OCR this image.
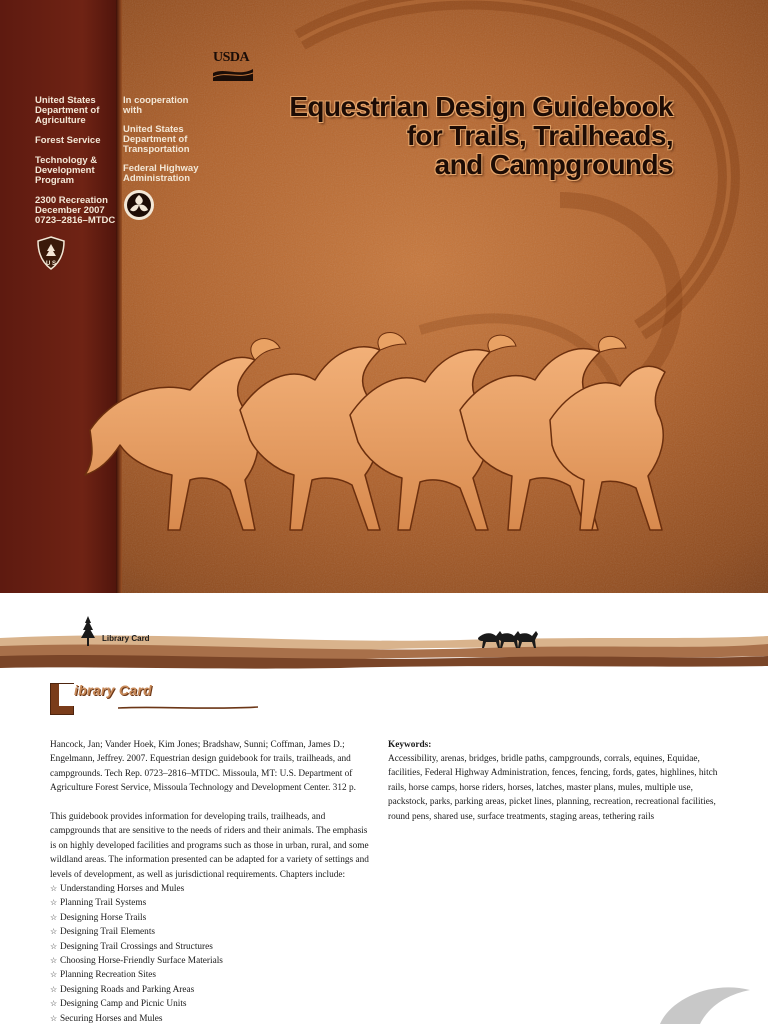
United States
Department of
Agriculture
Forest Service
Technology &
Development
Program
2300 Recreation
December 2007
0723–2816–MTDC
In cooperation
with
United States
Department of
Transportation
Federal Highway
Administration
U S
USDA
Equestrian Design Guidebook
for Trails, Trailheads,
and Campgrounds
Library Card
ibrary Card

Hancock, Jan; Vander Hoek, Kim Jones; Bradshaw, Sunni; Coffman, James D.; Engelmann, Jeffrey. 2007. Equestrian design guidebook for trails, trailheads, and campgrounds. Tech Rep. 0723–2816–MTDC. Missoula, MT: U.S. Department of Agriculture Forest Service, Missoula Technology and Development Center. 312 p.

This guidebook provides information for developing trails, trailheads, and campgrounds that are sensitive to the needs of riders and their animals. The emphasis is on highly developed facilities and programs such as those in urban, rural, and some wildland areas. The information presented can be adapted for a variety of settings and levels of development, as well as jurisdictional requirements. Chapters include:

☆ Understanding Horses and Mules
☆ Planning Trail Systems
☆ Designing Horse Trails
☆ Designing Trail Elements
☆ Designing Trail Crossings and Structures
☆ Choosing Horse-Friendly Surface Materials
☆ Planning Recreation Sites
☆ Designing Roads and Parking Areas
☆ Designing Camp and Picnic Units
☆ Securing Horses and Mules

Keywords:

Accessibility, arenas, bridges, bridle paths, campgrounds, corrals, equines, Equidae, facilities, Federal Highway Administration, fences, fencing, fords, gates, highlines, hitch rails, horse camps, horse riders, horses, latches, master plans, mules, multiple use, packstock, parks, parking areas, picket lines, planning, recreation, recreational facilities, round pens, shared use, surface treatments, staging areas, tethering rails
